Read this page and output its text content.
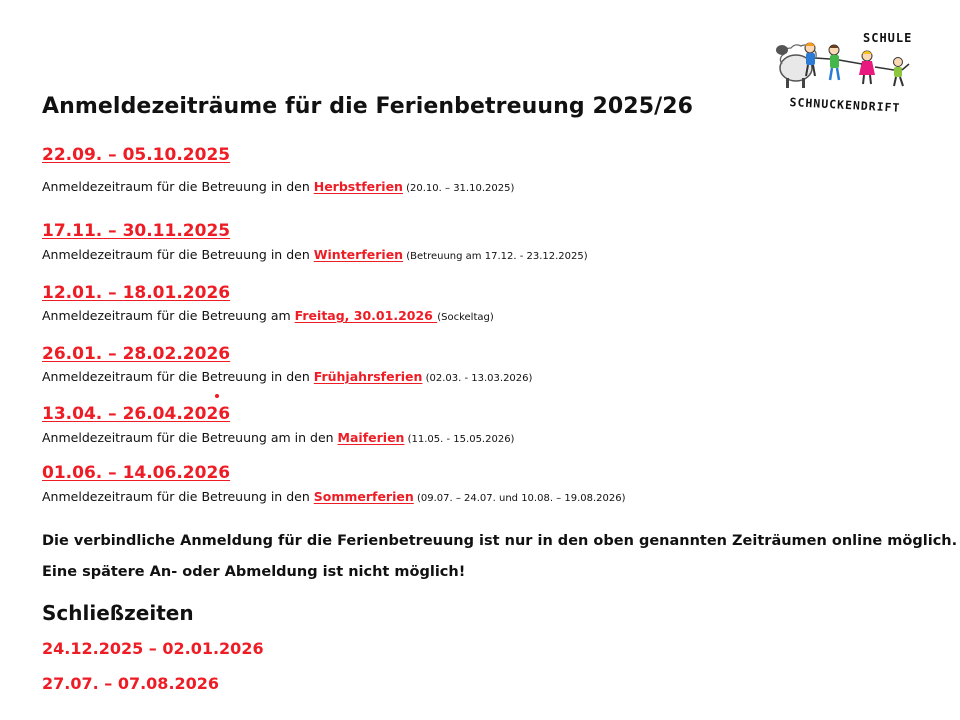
SCHULE
SCHNUCKENDRIFT
Anmeldezeiträume für die Ferienbetreuung 2025/26
22.09. – 05.10.2025
Anmeldezeitraum für die Betreuung in den Herbstferien (20.10. – 31.10.2025)
17.11. – 30.11.2025
Anmeldezeitraum für die Betreuung in den Winterferien (Betreuung am 17.12. - 23.12.2025)
12.01. – 18.01.2026
Anmeldezeitraum für die Betreuung am Freitag, 30.01.2026 (Sockeltag)
26.01. – 28.02.2026
Anmeldezeitraum für die Betreuung in den Frühjahrsferien (02.03. - 13.03.2026)
13.04. – 26.04.2026
Anmeldezeitraum für die Betreuung am in den Maiferien (11.05. - 15.05.2026)
01.06. – 14.06.2026
Anmeldezeitraum für die Betreuung in den Sommerferien (09.07. – 24.07. und 10.08. – 19.08.2026)
Die verbindliche Anmeldung für die Ferienbetreuung ist nur in den oben genannten Zeiträumen online möglich.
Eine spätere An- oder Abmeldung ist nicht möglich!
Schließzeiten
24.12.2025 – 02.01.2026
27.07. – 07.08.2026
